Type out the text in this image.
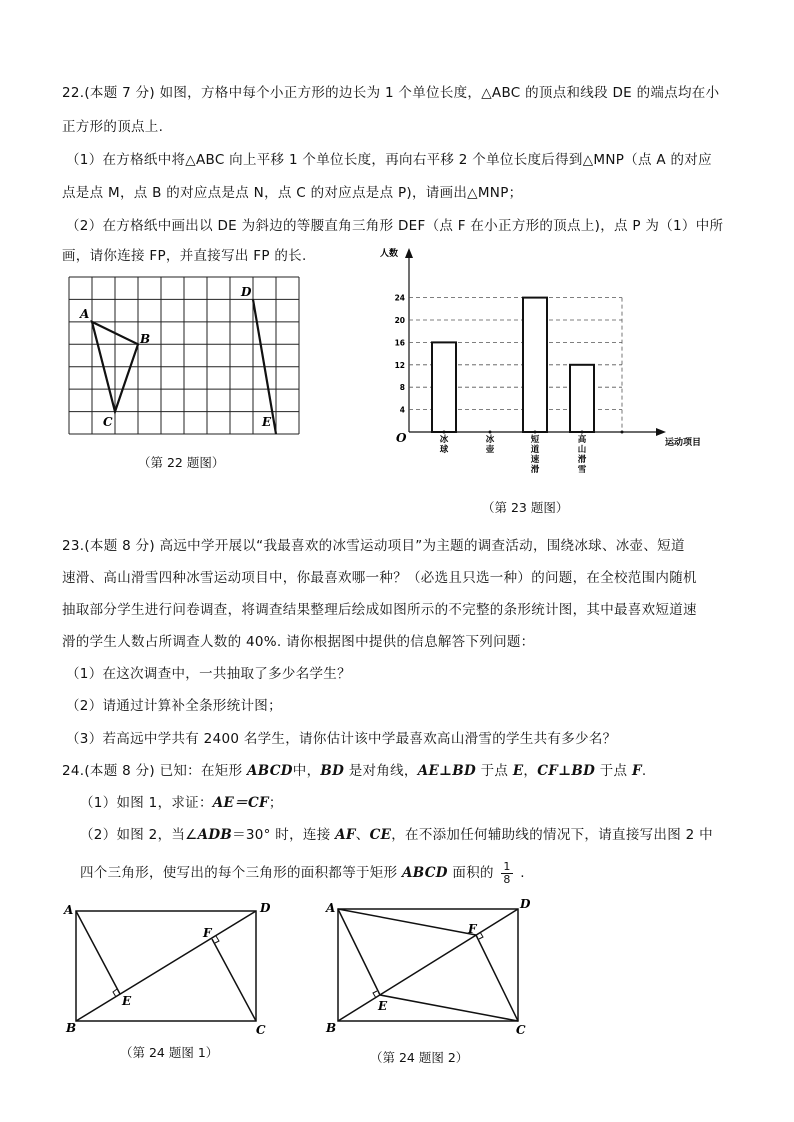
22.(本题 7 分) 如图，方格中每个小正方形的边长为 1 个单位长度，△ABC 的顶点和线段 DE 的端点均在小
正方形的顶点上.
（1）在方格纸中将△ABC 向上平移 1 个单位长度，再向右平移 2 个单位长度后得到△MNP（点 A 的对应
点是点 M，点 B 的对应点是点 N，点 C 的对应点是点 P)，请画出△MNP；
（2）在方格纸中画出以 DE 为斜边的等腰直角三角形 DEF（点 F 在小正方形的顶点上)，点 P 为（1）中所
画，请你连接 FP，并直接写出 FP 的长.
A
B
C
D
E
（第 22 题图）
4
8
12
16
20
24
冰球
冰壶
短道速滑
高山滑雪
人数
运动项目
O
（第 23 题图）
23.(本题 8 分) 高远中学开展以“我最喜欢的冰雪运动项目”为主题的调查活动，围绕冰球、冰壶、短道
速滑、高山滑雪四种冰雪运动项目中，你最喜欢哪一种？（必选且只选一种）的问题，在全校范围内随机
抽取部分学生进行问卷调查，将调查结果整理后绘成如图所示的不完整的条形统计图，其中最喜欢短道速
滑的学生人数占所调查人数的 40%. 请你根据图中提供的信息解答下列问题：
（1）在这次调查中，一共抽取了多少名学生？
（2）请通过计算补全条形统计图；
（3）若高远中学共有 2400 名学生，请你估计该中学最喜欢高山滑雪的学生共有多少名？
24.(本题 8 分) 已知：在矩形 ABCD中，BD 是对角线，AE⊥BD 于点 E，CF⊥BD 于点 F.
（1）如图 1，求证：AE＝CF；
（2）如图 2，当∠ADB＝30° 时，连接 AF、CE，在不添加任何辅助线的情况下，请直接写出图 2 中
四个三角形，使写出的每个三角形的面积都等于矩形 ABCD 面积的 $\frac{1}{8}$ .
A
B	C
D
E
F
A
B	C
D
E
F
（第 24 题图 1）	（第 24 题图 2）
